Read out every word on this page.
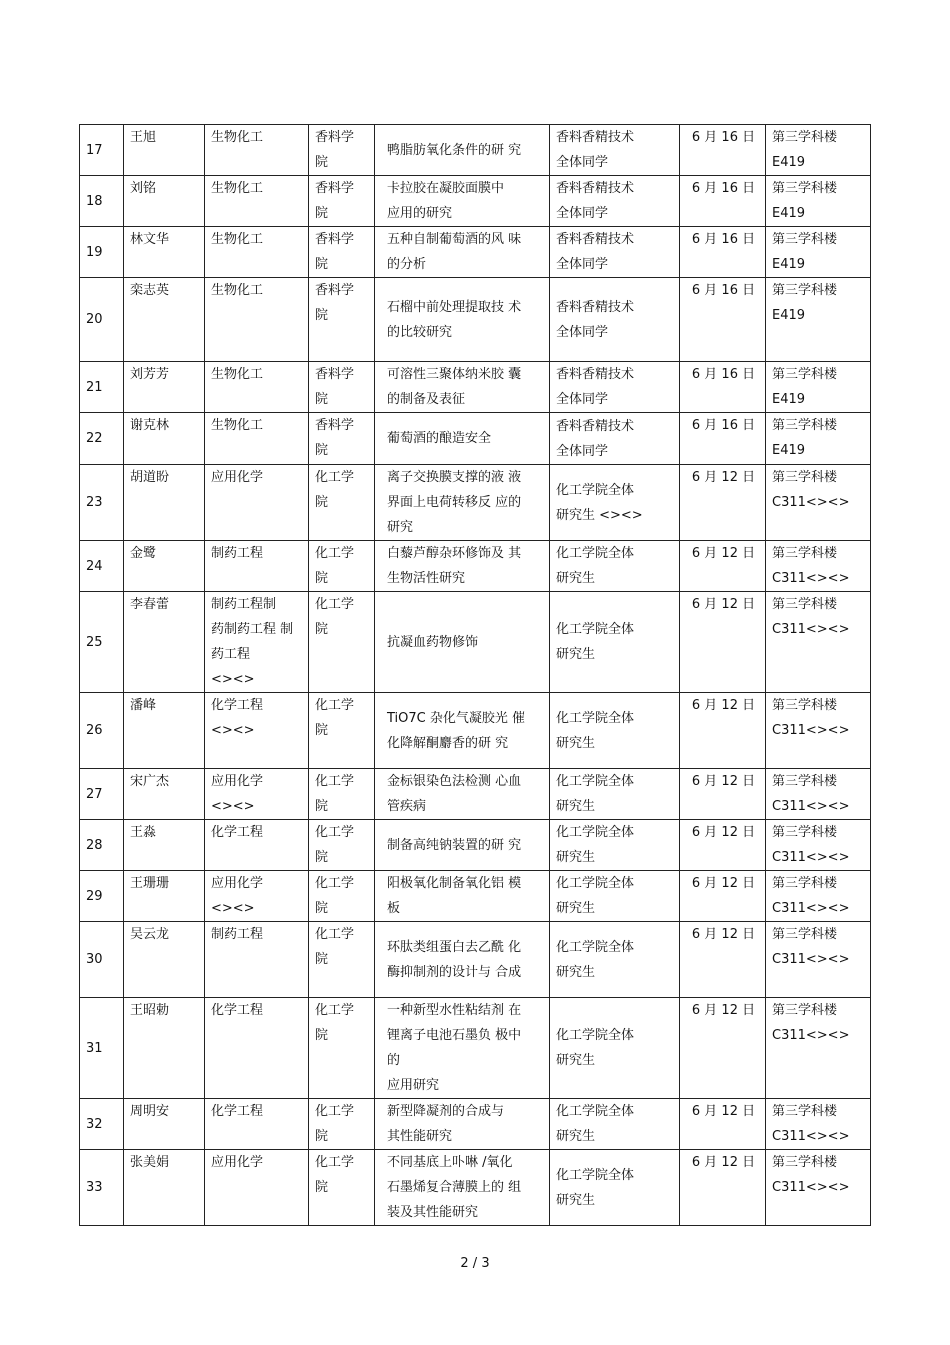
17	王旭	生物化工	香料学
院	鸭脂肪氧化条件的研 究	香料香精技术
全体同学	6 月 16 日	第三学科楼
E419

18	刘铭	生物化工	香料学
院	卡拉胶在凝胶面膜中
应用的研究	香料香精技术
全体同学	6 月 16 日	第三学科楼
E419

19	林文华	生物化工	香料学
院	五种自制葡萄酒的风 味
的分析	香料香精技术
全体同学	6 月 16 日	第三学科楼
E419

20	栾志英	生物化工	香料学
院	石榴中前处理提取技 术
的比较研究	香料香精技术
全体同学	6 月 16 日	第三学科楼
E419

21	刘芳芳	生物化工	香料学
院	可溶性三聚体纳米胶 囊
的制备及表征	香料香精技术
全体同学	6 月 16 日	第三学科楼
E419

22	谢克林	生物化工	香料学
院	葡萄酒的酿造安全	香料香精技术
全体同学	6 月 16 日	第三学科楼
E419

23	胡道盼	应用化学	化工学
院	离子交换膜支撑的液 液
界面上电荷转移反 应的
研究	化工学院全体
研究生 <><>	6 月 12 日	第三学科楼
C311<><>

24	金鹭	制药工程	化工学
院	白藜芦醇杂环修饰及 其
生物活性研究	化工学院全体
研究生	6 月 12 日	第三学科楼
C311<><>

25	李春蕾	制药工程制
药制药工程 制
药工程
<><>	化工学
院	抗凝血药物修饰	化工学院全体
研究生	6 月 12 日	第三学科楼
C311<><>

26	潘峰	化学工程
<><>	化工学
院	TiO7C 杂化气凝胶光 催
化降解酮麝香的研 究	化工学院全体
研究生	6 月 12 日	第三学科楼
C311<><>

27	宋广杰	应用化学
<><>	化工学
院	金标银染色法检测 心血
管疾病	化工学院全体
研究生	6 月 12 日	第三学科楼
C311<><>

28	王淼	化学工程	化工学
院	制备高纯钠装置的研 究	化工学院全体
研究生	6 月 12 日	第三学科楼
C311<><>

29	王珊珊	应用化学
<><>	化工学
院	阳极氧化制备氧化铝 模
板	化工学院全体
研究生	6 月 12 日	第三学科楼
C311<><>

30	吴云龙	制药工程	化工学
院	环肽类组蛋白去乙酰 化
酶抑制剂的设计与 合成	化工学院全体
研究生	6 月 12 日	第三学科楼
C311<><>

31	王昭勅	化学工程	化工学
院	一种新型水性粘结剂 在
锂离子电池石墨负 极中
的
应用研究	化工学院全体
研究生	6 月 12 日	第三学科楼
C311<><>

32	周明安	化学工程	化工学
院	新型降凝剂的合成与
其性能研究	化工学院全体
研究生	6 月 12 日	第三学科楼
C311<><>

33	张美娟	应用化学	化工学
院	不同基底上卟啉 /氧化
石墨烯复合薄膜上的 组
装及其性能研究	化工学院全体
研究生	6 月 12 日	第三学科楼
C311<><>
2 / 3
